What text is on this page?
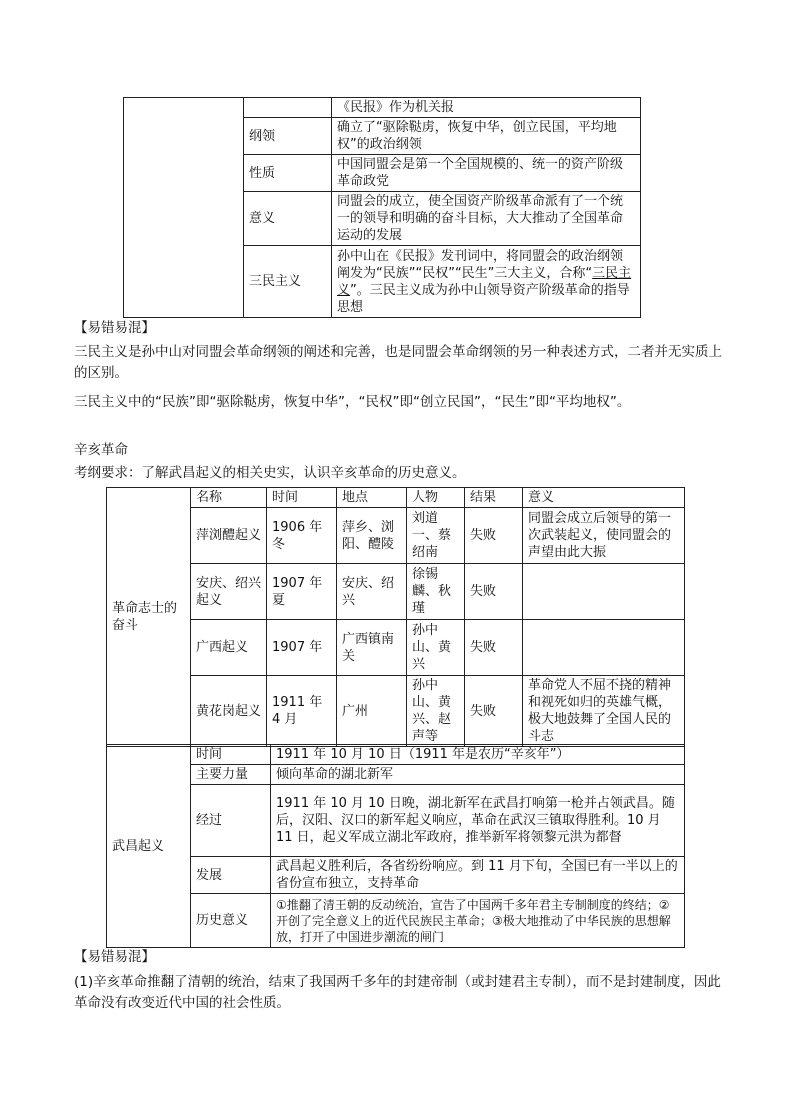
		《民报》作为机关报
	纲领	确立了“驱除鞑虏，恢复中华，创立民国，平均地权”的政治纲领
	性质	中国同盟会是第一个全国规模的、统一的资产阶级革命政党
	意义	同盟会的成立，使全国资产阶级革命派有了一个统一的领导和明确的奋斗目标，大大推动了全国革命运动的发展
	三民主义	孙中山在《民报》发刊词中，将同盟会的政治纲领阐发为“民族”“民权”“民生”三大主义，合称“三民主义”。三民主义成为孙中山领导资产阶级革命的指导思想
【易错易混】
三民主义是孙中山对同盟会革命纲领的阐述和完善，也是同盟会革命纲领的另一种表述方式，二者并无实质上的区别。
三民主义中的“民族”即“驱除鞑虏，恢复中华”，“民权”即“创立民国”，“民生”即“平均地权”。
辛亥革命
考纲要求：了解武昌起义的相关史实，认识辛亥革命的历史意义。
革命志士的奋斗	名称	时间	地点	人物	结果	意义
	萍浏醴起义	1906 年冬	萍乡、浏阳、醴陵	刘道一、蔡绍南	失败	同盟会成立后领导的第一次武装起义，使同盟会的声望由此大振
	安庆、绍兴起义	1907 年夏	安庆、绍兴	徐锡麟、秋瑾	失败	
	广西起义	1907 年	广西镇南关	孙中山、黄兴	失败	
	黄花岗起义	1911 年 4 月	广州	孙中山、黄兴、赵声等	失败	革命党人不屈不挠的精神和视死如归的英雄气概，极大地鼓舞了全国人民的斗志
武昌起义	时间	1911 年 10 月 10 日（1911 年是农历“辛亥年”）
	主要力量	倾向革命的湖北新军
	经过	1911 年 10 月 10 日晚，湖北新军在武昌打响第一枪并占领武昌。随后，汉阳、汉口的新军起义响应，革命在武汉三镇取得胜利。10 月 11 日，起义军成立湖北军政府，推举新军将领黎元洪为都督
	发展	武昌起义胜利后，各省纷纷响应。到 11 月下旬，全国已有一半以上的省份宣布独立，支持革命
	历史意义	①推翻了清王朝的反动统治，宣告了中国两千多年君主专制制度的终结；②开创了完全意义上的近代民族民主革命；③极大地推动了中华民族的思想解放，打开了中国进步潮流的闸门
【易错易混】
(1)辛亥革命推翻了清朝的统治，结束了我国两千多年的封建帝制（或封建君主专制），而不是封建制度，因此革命没有改变近代中国的社会性质。
